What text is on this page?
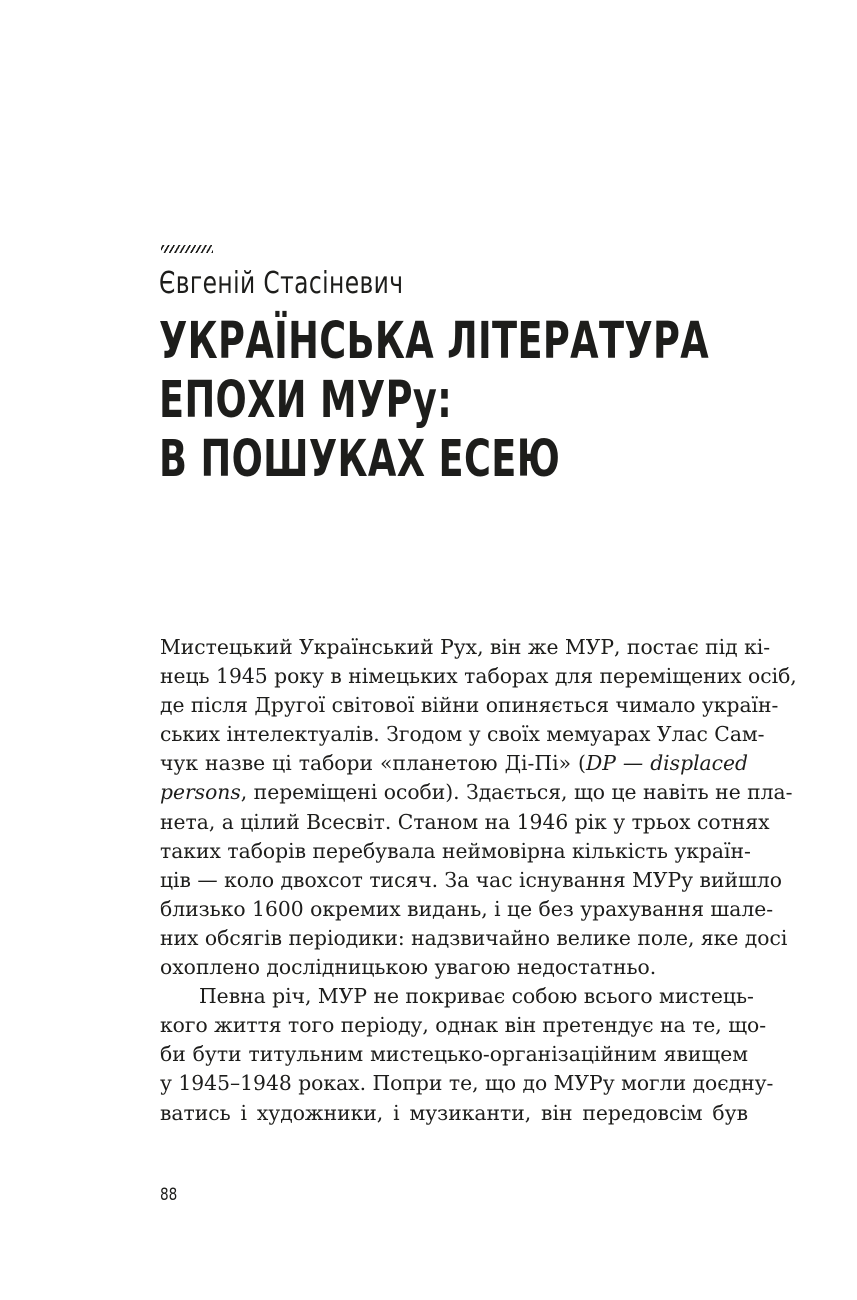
Євгеній Стасіневич
УКРАЇНСЬКА ЛІТЕРАТУРА
ЕПОХИ МУРу:
В ПОШУКАХ ЕСЕЮ
Мистецький Український Рух, він же МУР, постає під кі-
нець 1945 року в німецьких таборах для переміщених осіб,
де після Другої світової війни опиняється чимало україн-
ських інтелектуалів. Згодом у своїх мемуарах Улас Сам-
чук назве ці табори «планетою Ді-Пі» (DP — displaced
persons, переміщені особи). Здається, що це навіть не пла-
нета, а цілий Всесвіт. Станом на 1946 рік у трьох сотнях
таких таборів перебувала неймовірна кількість україн-
ців — коло двохсот тисяч. За час існування МУРу вийшло
близько 1600 окремих видань, і це без урахування шале-
них обсягів періодики: надзвичайно велике поле, яке досі
охоплено дослідницькою увагою недостатньо.
Певна річ, МУР не покриває собою всього мистець-
кого життя того періоду, однак він претендує на те, що-
би бути титульним мистецько-організаційним явищем
у 1945–1948 роках. Попри те, що до МУРу могли доєдну-
ватись і художники, і музиканти, він передовсім був
88
